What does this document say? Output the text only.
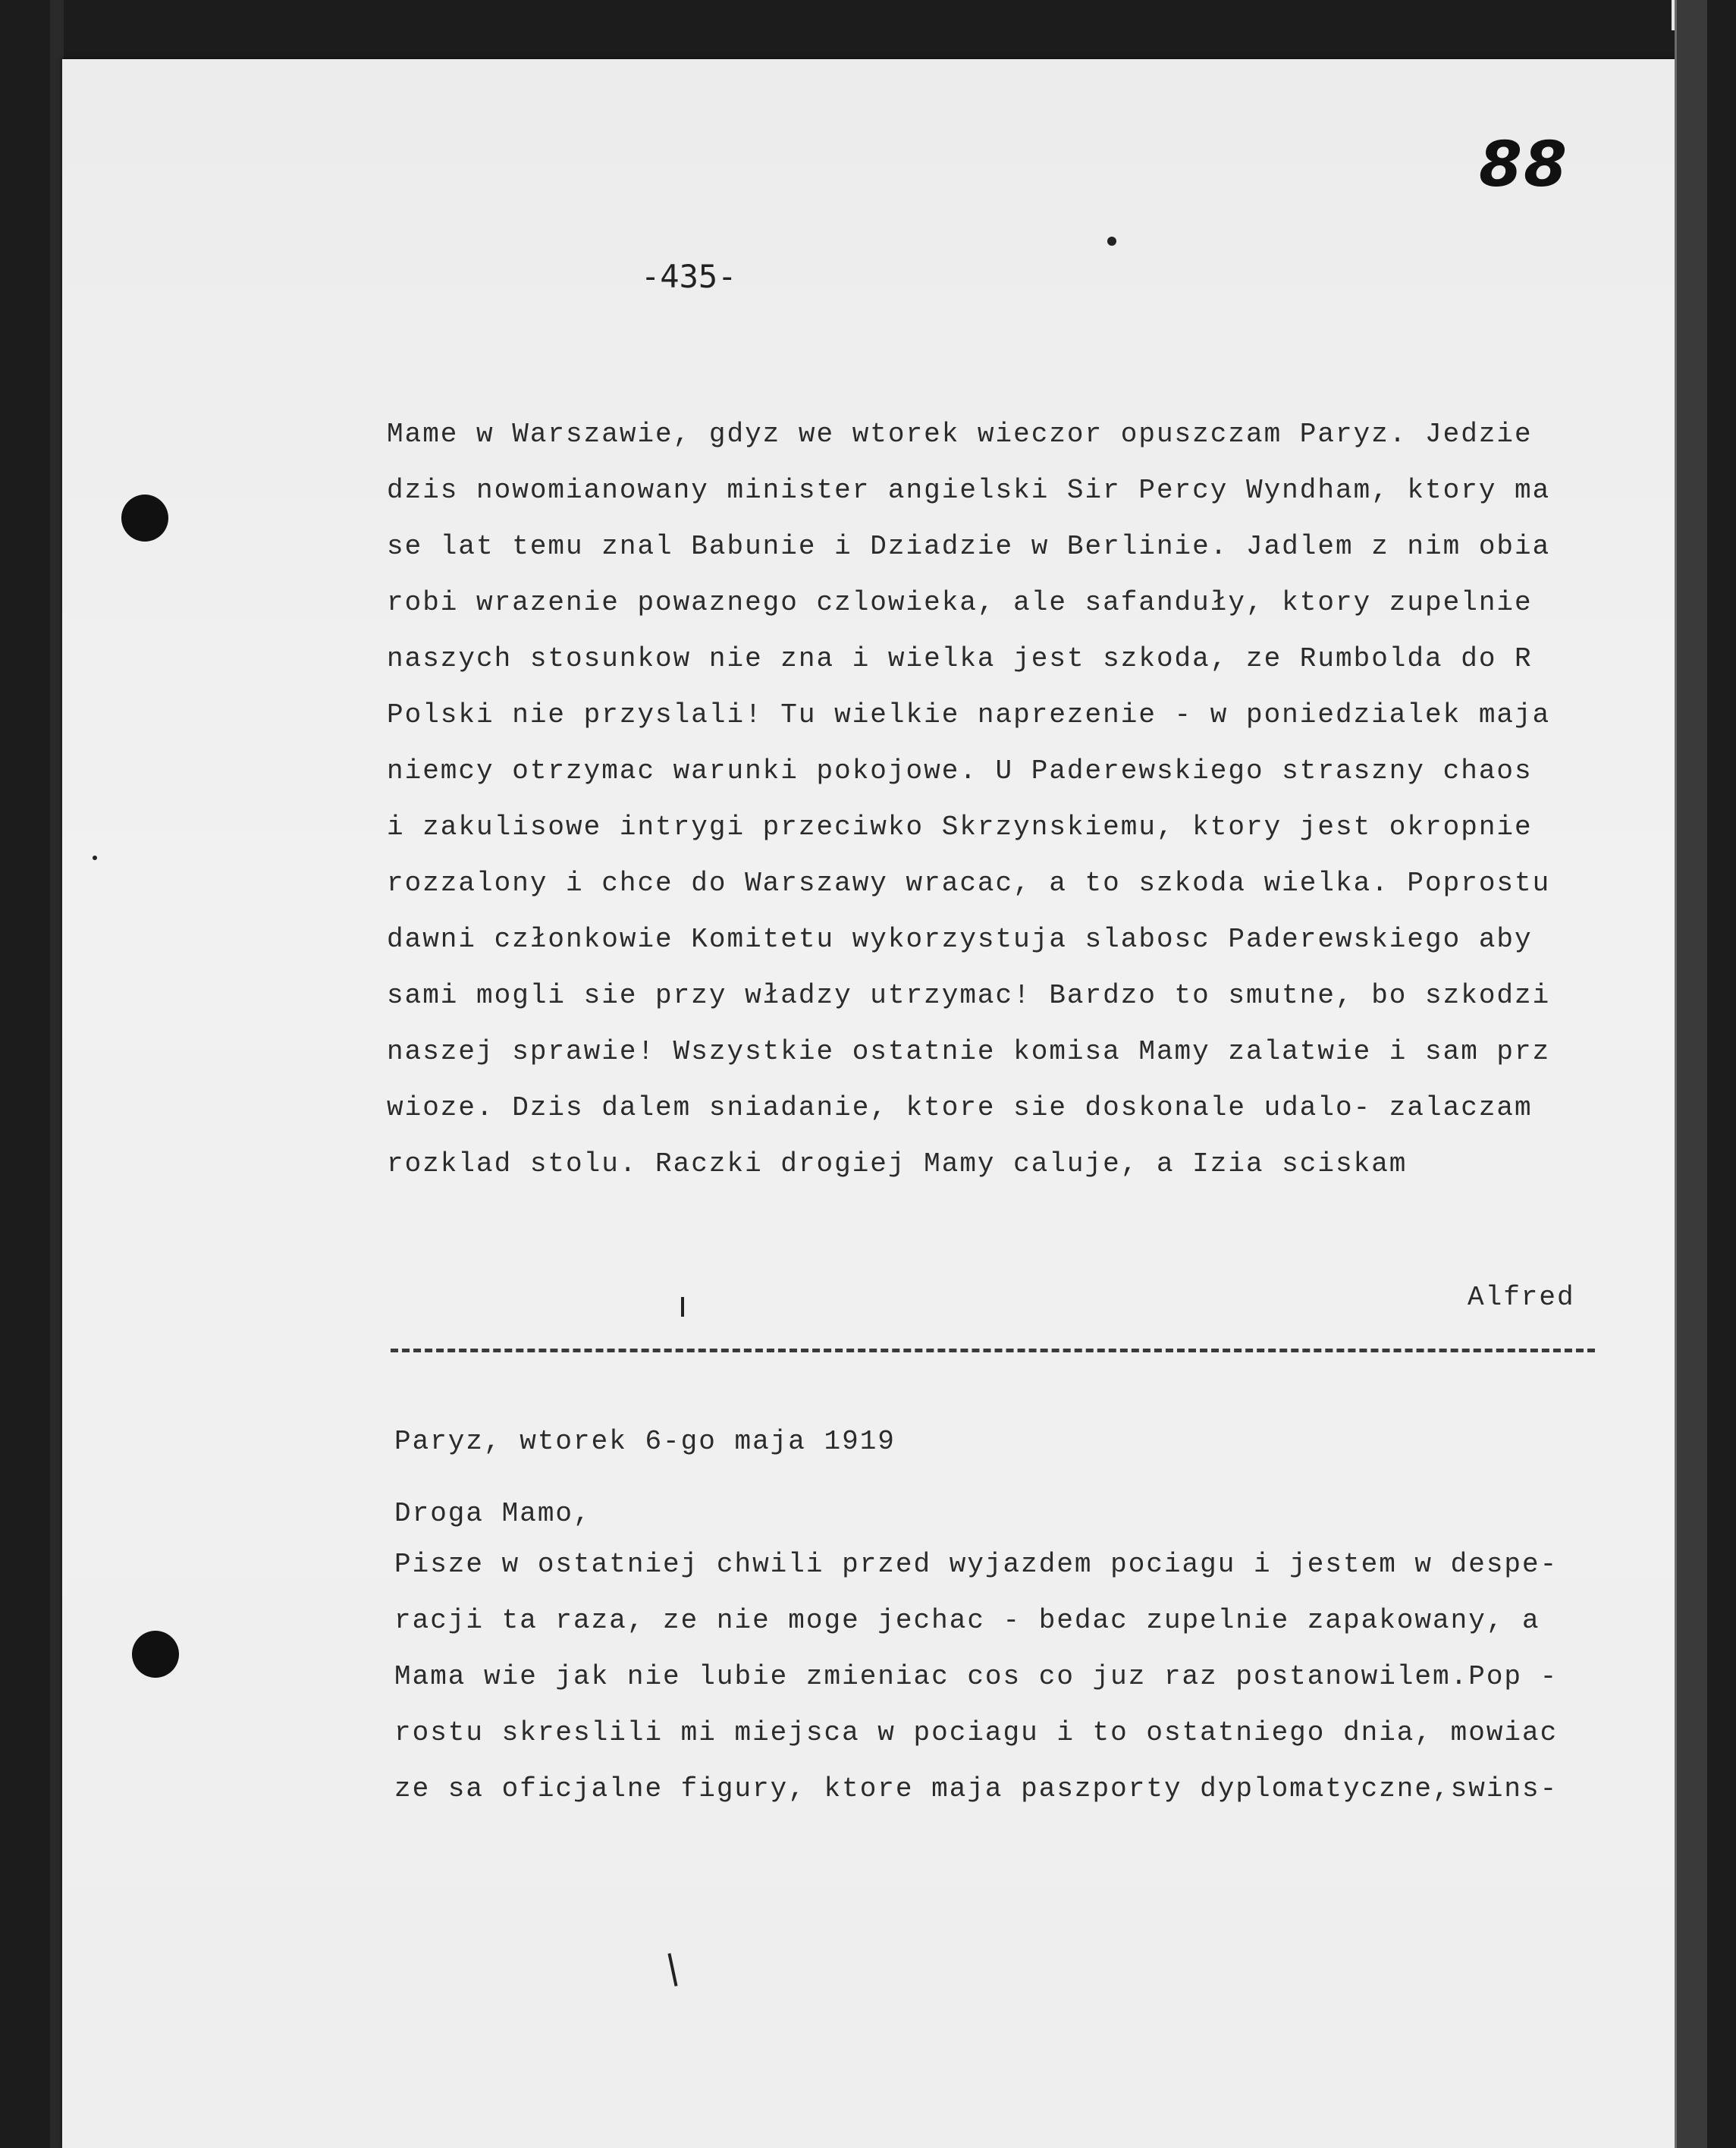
88
-435-
Mame w Warszawie, gdyz we wtorek wieczor opuszczam Paryz. Jedzie
dzis nowomianowany minister angielski Sir Percy Wyndham, ktory ma
se lat temu znal Babunie i Dziadzie w Berlinie. Jadlem z nim obia
robi wrazenie powaznego czlowieka, ale safanduły, ktory zupelnie
naszych stosunkow nie zna i wielka jest szkoda, ze Rumbolda do R
Polski nie przyslali! Tu wielkie naprezenie - w poniedzialek maja
niemcy otrzymac warunki pokojowe. U Paderewskiego straszny chaos
i zakulisowe intrygi przeciwko Skrzynskiemu, ktory jest okropnie
rozzalony i chce do Warszawy wracac, a to szkoda wielka. Poprostu
dawni członkowie Komitetu wykorzystuja slabosc Paderewskiego aby
sami mogli sie przy władzy utrzymac! Bardzo to smutne, bo szkodzi
naszej sprawie! Wszystkie ostatnie komisa Mamy zalatwie i sam prz
wioze. Dzis dalem sniadanie, ktore sie doskonale udalo- zalaczam
rozklad stolu. Raczki drogiej Mamy caluje, a Izia sciskam
Alfred
Paryz, wtorek 6-go maja 1919
Droga Mamo,
Pisze w ostatniej chwili przed wyjazdem pociagu i jestem w despe-
racji ta raza, ze nie moge jechac - bedac zupelnie zapakowany, a
Mama wie jak nie lubie zmieniac cos co juz raz postanowilem.Pop -
rostu skreslili mi miejsca w pociagu i to ostatniego dnia, mowiac
ze sa oficjalne figury, ktore maja paszporty dyplomatyczne,swins-
